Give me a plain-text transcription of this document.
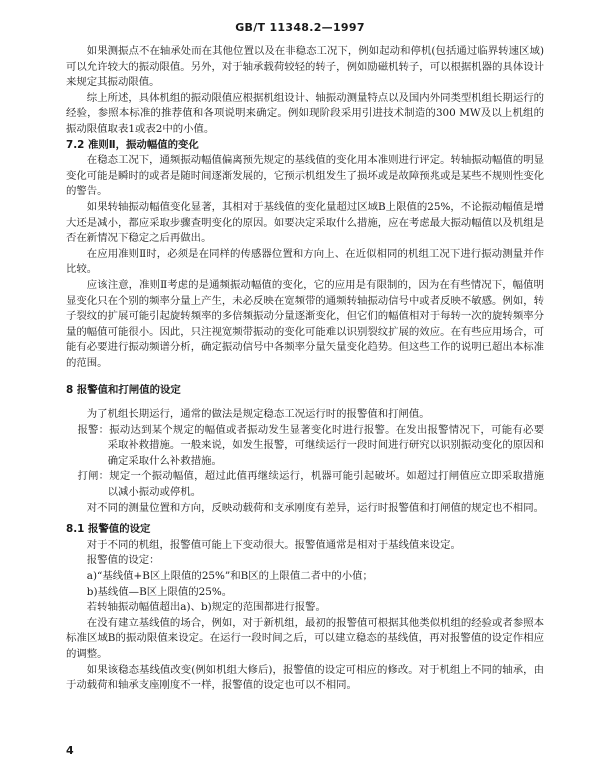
GB/T 11348.2—1997

如果测振点不在轴承处而在其他位置以及在非稳态工况下，例如起动和停机(包括通过临界转速区域)可以允许较大的振动限值。另外，对于轴承载荷较轻的转子，例如励磁机转子，可以根据机器的具体设计来规定其振动限值。

综上所述，具体机组的振动限值应根据机组设计、轴振动测量特点以及国内外同类型机组长期运行的经验，参照本标准的推荐值和各项说明来确定。例如现阶段采用引进技术制造的300 MW及以上机组的振动限值取表1或表2中的小值。

7.2 准则Ⅱ，振动幅值的变化

在稳态工况下，通频振动幅值偏离预先规定的基线值的变化用本准则进行评定。转轴振动幅值的明显变化可能是瞬时的或者是随时间逐渐发展的，它预示机组发生了损坏或是故障预兆或是某些不规则性变化的警告。

如果转轴振动幅值变化显著，其相对于基线值的变化量超过区域B上限值的25%，不论振动幅值是增大还是减小，都应采取步骤查明变化的原因。如要决定采取什么措施，应在考虑最大振动幅值以及机组是否在新情况下稳定之后再做出。

在应用准则Ⅱ时，必须是在同样的传感器位置和方向上、在近似相同的机组工况下进行振动测量并作比较。

应该注意，准则Ⅱ考虑的是通频振动幅值的变化，它的应用是有限制的，因为在有些情况下，幅值明显变化只在个别的频率分量上产生，未必反映在宽频带的通频转轴振动信号中或者反映不敏感。例如，转子裂纹的扩展可能引起旋转频率的多倍频振动分量逐渐变化，但它们的幅值相对于每转一次的旋转频率分量的幅值可能很小。因此，只注视宽频带振动的变化可能难以识别裂纹扩展的效应。在有些应用场合，可能有必要进行振动频谱分析，确定振动信号中各频率分量矢量变化趋势。但这些工作的说明已超出本标准的范围。

8 报警值和打闸值的设定

为了机组长期运行，通常的做法是规定稳态工况运行时的报警值和打闸值。

报警：振动达到某个规定的幅值或者振动发生显著变化时进行报警。在发出报警情况下，可能有必要采取补救措施。一般来说，如发生报警，可继续运行一段时间进行研究以识别振动变化的原因和确定采取什么补救措施。

打闸：规定一个振动幅值，超过此值再继续运行，机器可能引起破坏。如超过打闸值应立即采取措施以减小振动或停机。

对不同的测量位置和方向，反映动载荷和支承刚度有差异，运行时报警值和打闸值的规定也不相同。

8.1 报警值的设定

对于不同的机组，报警值可能上下变动很大。报警值通常是相对于基线值来设定。

报警值的设定：

a)“基线值+B区上限值的25%”和B区的上限值二者中的小值；

b)基线值—B区上限值的25%。

若转轴振动幅值超出a)、b)规定的范围都进行报警。

在没有建立基线值的场合，例如，对于新机组，最初的报警值可根据其他类似机组的经验或者参照本标准区域B的振动限值来设定。在运行一段时间之后，可以建立稳态的基线值，再对报警值的设定作相应的调整。

如果该稳态基线值改变(例如机组大修后)，报警值的设定可相应的修改。对于机组上不同的轴承，由于动载荷和轴承支座刚度不一样，报警值的设定也可以不相同。

4
